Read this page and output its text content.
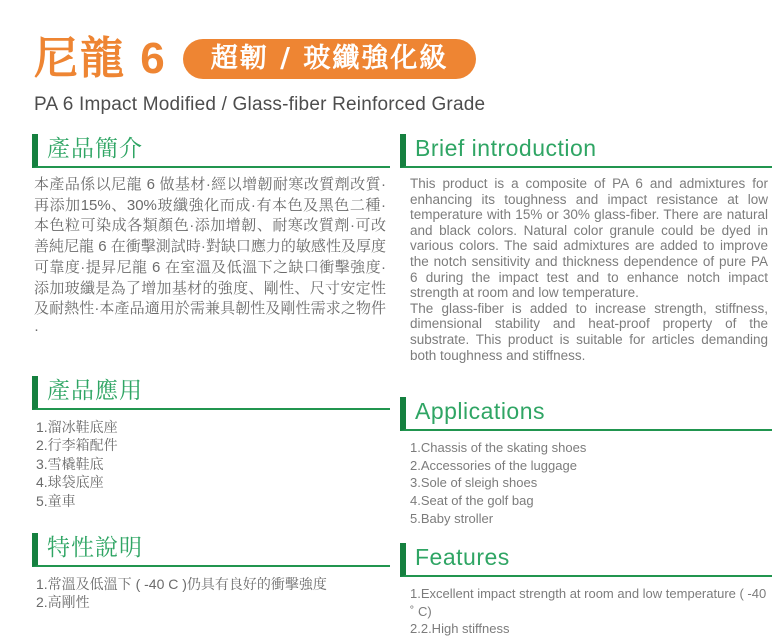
尼龍 6	超韌 / 玻纖強化級
PA 6 Impact Modified / Glass-fiber Reinforced Grade
產品簡介
本產品係以尼龍 6 做基材·經以增韌耐寒改質劑改質·再添加15%、30%玻纖強化而成·有本色及黑色二種·本色粒可染成各類顏色·添加增韌、耐寒改質劑·可改善純尼龍 6 在衝擊測試時·對缺口應力的敏感性及厚度可靠度·提昇尼龍 6 在室溫及低溫下之缺口衝擊強度·添加玻纖是為了增加基材的強度、剛性、尺寸安定性及耐熱性·本產品適用於需兼具韌性及剛性需求之物件·
產品應用
1.溜冰鞋底座
2.行李箱配件
3.雪橇鞋底
4.球袋底座
5.童車
特性說明
1.常溫及低溫下 ( -40 C )仍具有良好的衝擊強度
2.高剛性
Brief introduction
This product is a composite of PA 6 and admixtures for enhancing its toughness and impact resistance at low temperature with 15% or 30% glass-fiber. There are natural and black colors. Natural color granule could be dyed in various colors. The said admixtures are added to improve the notch sensitivity and thickness dependence of pure PA 6 during the impact test and to enhance notch impact strength at room and low temperature.
The glass-fiber is added to increase strength, stiffness, dimensional stability and heat-proof property of the substrate. This product is suitable for articles demanding both toughness and stiffness.
Applications
1.Chassis of the skating shoes
2.Accessories of the luggage
3.Sole of sleigh shoes
4.Seat of the golf bag
5.Baby stroller
Features
1.Excellent impact strength at room and low temperature ( -40 ˚ C)
2.2.High stiffness
